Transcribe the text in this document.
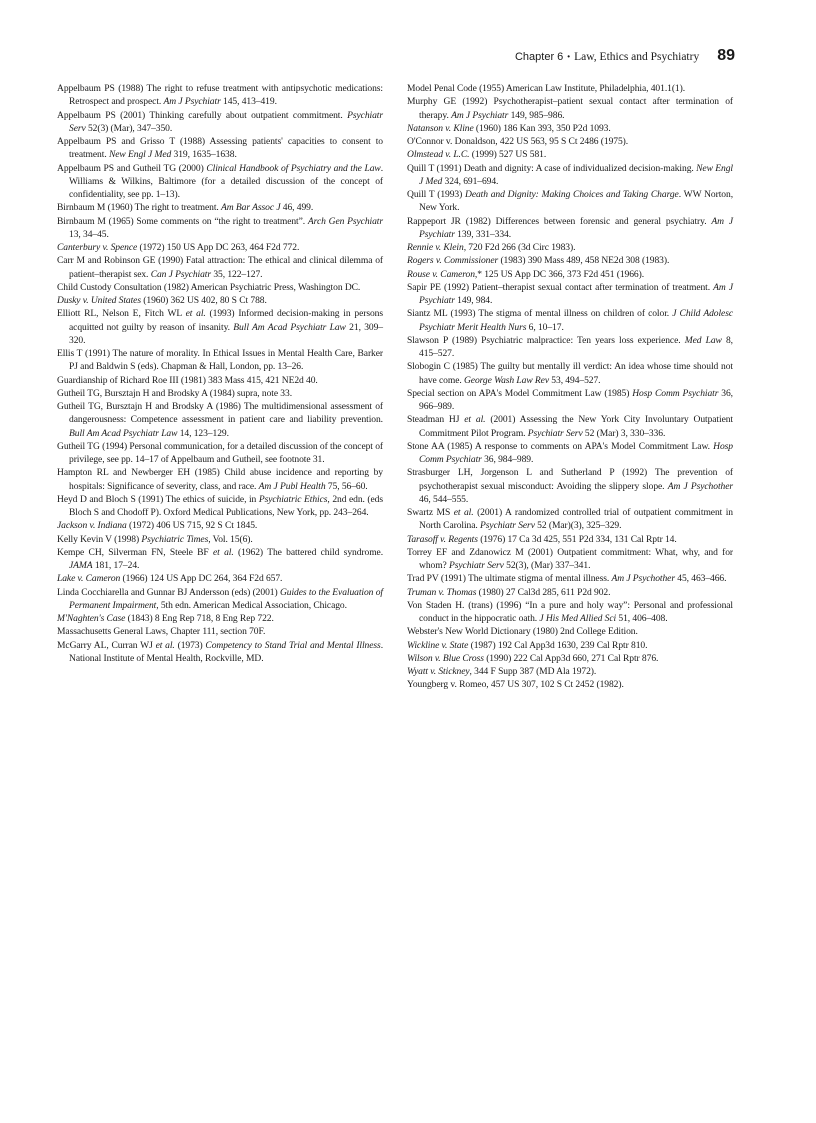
Chapter 6 • Law, Ethics and Psychiatry 89

Appelbaum PS (1988) The right to refuse treatment with antipsychotic medications: Retrospect and prospect. Am J Psychiatr 145, 413–419.

Appelbaum PS (2001) Thinking carefully about outpatient commitment. Psychiatr Serv 52(3) (Mar), 347–350.

Appelbaum PS and Grisso T (1988) Assessing patients' capacities to consent to treatment. New Engl J Med 319, 1635–1638.

Appelbaum PS and Gutheil TG (2000) Clinical Handbook of Psychiatry and the Law. Williams & Wilkins, Baltimore (for a detailed discussion of the concept of confidentiality, see pp. 1–13).

Birnbaum M (1960) The right to treatment. Am Bar Assoc J 46, 499.

Birnbaum M (1965) Some comments on “the right to treatment”. Arch Gen Psychiatr 13, 34–45.

Canterbury v. Spence (1972) 150 US App DC 263, 464 F2d 772.

Carr M and Robinson GE (1990) Fatal attraction: The ethical and clinical dilemma of patient–therapist sex. Can J Psychiatr 35, 122–127.

Child Custody Consultation (1982) American Psychiatric Press, Washington DC.

Dusky v. United States (1960) 362 US 402, 80 S Ct 788.

Elliott RL, Nelson E, Fitch WL et al. (1993) Informed decision-making in persons acquitted not guilty by reason of insanity. Bull Am Acad Psychiatr Law 21, 309–320.

Ellis T (1991) The nature of morality. In Ethical Issues in Mental Health Care, Barker PJ and Baldwin S (eds). Chapman & Hall, London, pp. 13–26.

Guardianship of Richard Roe III (1981) 383 Mass 415, 421 NE2d 40.

Gutheil TG, Bursztajn H and Brodsky A (1984) supra, note 33.

Gutheil TG, Bursztajn H and Brodsky A (1986) The multidimensional assessment of dangerousness: Competence assessment in patient care and liability prevention. Bull Am Acad Psychiatr Law 14, 123–129.

Gutheil TG (1994) Personal communication, for a detailed discussion of the concept of privilege, see pp. 14–17 of Appelbaum and Gutheil, see footnote 31.

Hampton RL and Newberger EH (1985) Child abuse incidence and reporting by hospitals: Significance of severity, class, and race. Am J Publ Health 75, 56–60.

Heyd D and Bloch S (1991) The ethics of suicide, in Psychiatric Ethics, 2nd edn. (eds Bloch S and Chodoff P). Oxford Medical Publications, New York, pp. 243–264.

Jackson v. Indiana (1972) 406 US 715, 92 S Ct 1845.

Kelly Kevin V (1998) Psychiatric Times, Vol. 15(6).

Kempe CH, Silverman FN, Steele BF et al. (1962) The battered child syndrome. JAMA 181, 17–24.

Lake v. Cameron (1966) 124 US App DC 264, 364 F2d 657.

Linda Cocchiarella and Gunnar BJ Andersson (eds) (2001) Guides to the Evaluation of Permanent Impairment, 5th edn. American Medical Association, Chicago.

M'Naghten's Case (1843) 8 Eng Rep 718, 8 Eng Rep 722.

Massachusetts General Laws, Chapter 111, section 70F.

McGarry AL, Curran WJ et al. (1973) Competency to Stand Trial and Mental Illness. National Institute of Mental Health, Rockville, MD.

Model Penal Code (1955) American Law Institute, Philadelphia, 401.1(1).

Murphy GE (1992) Psychotherapist–patient sexual contact after termination of therapy. Am J Psychiatr 149, 985–986.

Natanson v. Kline (1960) 186 Kan 393, 350 P2d 1093.

O'Connor v. Donaldson, 422 US 563, 95 S Ct 2486 (1975).

Olmstead v. L.C. (1999) 527 US 581.

Quill T (1991) Death and dignity: A case of individualized decision-making. New Engl J Med 324, 691–694.

Quill T (1993) Death and Dignity: Making Choices and Taking Charge. WW Norton, New York.

Rappeport JR (1982) Differences between forensic and general psychiatry. Am J Psychiatr 139, 331–334.

Rennie v. Klein, 720 F2d 266 (3d Circ 1983).

Rogers v. Commissioner (1983) 390 Mass 489, 458 NE2d 308 (1983).

Rouse v. Cameron,* 125 US App DC 366, 373 F2d 451 (1966).

Sapir PE (1992) Patient–therapist sexual contact after termination of treatment. Am J Psychiatr 149, 984.

Siantz ML (1993) The stigma of mental illness on children of color. J Child Adolesc Psychiatr Merit Health Nurs 6, 10–17.

Slawson P (1989) Psychiatric malpractice: Ten years loss experience. Med Law 8, 415–527.

Slobogin C (1985) The guilty but mentally ill verdict: An idea whose time should not have come. George Wash Law Rev 53, 494–527.

Special section on APA's Model Commitment Law (1985) Hosp Comm Psychiatr 36, 966–989.

Steadman HJ et al. (2001) Assessing the New York City Involuntary Outpatient Commitment Pilot Program. Psychiatr Serv 52 (Mar) 3, 330–336.

Stone AA (1985) A response to comments on APA's Model Commitment Law. Hosp Comm Psychiatr 36, 984–989.

Strasburger LH, Jorgenson L and Sutherland P (1992) The prevention of psychotherapist sexual misconduct: Avoiding the slippery slope. Am J Psychother 46, 544–555.

Swartz MS et al. (2001) A randomized controlled trial of outpatient commitment in North Carolina. Psychiatr Serv 52 (Mar)(3), 325–329.

Tarasoff v. Regents (1976) 17 Ca 3d 425, 551 P2d 334, 131 Cal Rptr 14.

Torrey EF and Zdanowicz M (2001) Outpatient commitment: What, why, and for whom? Psychiatr Serv 52(3), (Mar) 337–341.

Trad PV (1991) The ultimate stigma of mental illness. Am J Psychother 45, 463–466.

Truman v. Thomas (1980) 27 Cal3d 285, 611 P2d 902.

Von Staden H. (trans) (1996) “In a pure and holy way”: Personal and professional conduct in the hippocratic oath. J His Med Allied Sci 51, 406–408.

Webster's New World Dictionary (1980) 2nd College Edition.

Wickline v. State (1987) 192 Cal App3d 1630, 239 Cal Rptr 810.

Wilson v. Blue Cross (1990) 222 Cal App3d 660, 271 Cal Rptr 876.

Wyatt v. Stickney, 344 F Supp 387 (MD Ala 1972).

Youngberg v. Romeo, 457 US 307, 102 S Ct 2452 (1982).
